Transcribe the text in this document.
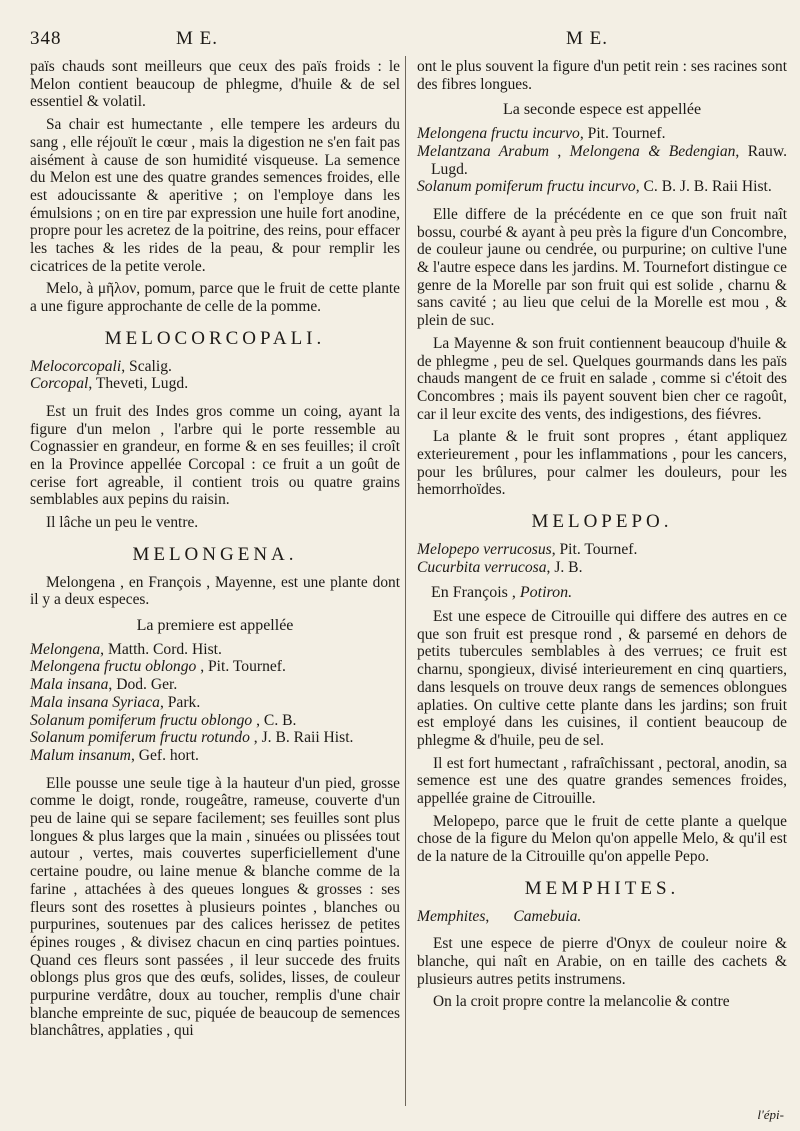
348	M E.	M E.

païs chauds sont meilleurs que ceux des païs froids : le Melon contient beaucoup de phlegme, d'huile & de sel essentiel & volatil.

Sa chair est humectante , elle tempere les ardeurs du sang , elle réjouït le cœur , mais la digestion ne s'en fait pas aisément à cause de son humidité visqueuse. La semence du Melon est une des quatre grandes semences froides, elle est adoucissante & aperitive ; on l'employe dans les émulsions ; on en tire par expression une huile fort anodine, propre pour les acretez de la poitrine, des reins, pour effacer les taches & les rides de la peau, & pour remplir les cicatrices de la petite verole.

Melo, à μῆλον, pomum, parce que le fruit de cette plante a une figure approchante de celle de la pomme.

MELOCORCOPALI.
Melocorcopali, Scalig.
Corcopal, Theveti, Lugd.

Est un fruit des Indes gros comme un coing, ayant la figure d'un melon , l'arbre qui le porte ressemble au Cognassier en grandeur, en forme & en ses feuilles; il croît en la Province appellée Corcopal : ce fruit a un goût de cerise fort agreable, il contient trois ou quatre grains semblables aux pepins du raisin.

Il lâche un peu le ventre.

MELONGENA.

Melongena , en François , Mayenne, est une plante dont il y a deux especes.

La premiere est appellée
Melongena, Matth. Cord. Hist.
Melongena fructu oblongo , Pit. Tournef.
Mala insana, Dod. Ger.
Mala insana Syriaca, Park.
Solanum pomiferum fructu oblongo , C. B.
Solanum pomiferum fructu rotundo , J. B. Raii Hist.
Malum insanum, Gef. hort.

Elle pousse une seule tige à la hauteur d'un pied, grosse comme le doigt, ronde, rougeâtre, rameuse, couverte d'un peu de laine qui se separe facilement; ses feuilles sont plus longues & plus larges que la main , sinuées ou plissées tout autour , vertes, mais couvertes superficiellement d'une certaine poudre, ou laine menue & blanche comme de la farine , attachées à des queues longues & grosses : ses fleurs sont des rosettes à plusieurs pointes , blanches ou purpurines, soutenues par des calices herissez de petites épines rouges , & divisez chacun en cinq parties pointues. Quand ces fleurs sont passées , il leur succede des fruits oblongs plus gros que des œufs, solides, lisses, de couleur purpurine verdâtre, doux au toucher, remplis d'une chair blanche empreinte de suc, piquée de beaucoup de semences blanchâtres, applaties , qui

ont le plus souvent la figure d'un petit rein : ses racines sont des fibres longues.

La seconde espece est appellée
Melongena fructu incurvo, Pit. Tournef.
Melantzana Arabum , Melongena & Bedengian, Rauw. Lugd.
Solanum pomiferum fructu incurvo, C. B. J. B. Raii Hist.

Elle differe de la précédente en ce que son fruit naît bossu, courbé & ayant à peu près la figure d'un Concombre, de couleur jaune ou cendrée, ou purpurine; on cultive l'une & l'autre espece dans les jardins. M. Tournefort distingue ce genre de la Morelle par son fruit qui est solide , charnu & sans cavité ; au lieu que celui de la Morelle est mou , & plein de suc.

La Mayenne & son fruit contiennent beaucoup d'huile & de phlegme , peu de sel. Quelques gourmands dans les païs chauds mangent de ce fruit en salade , comme si c'étoit des Concombres ; mais ils payent souvent bien cher ce ragoût, car il leur excite des vents, des indigestions, des fiévres.

La plante & le fruit sont propres , étant appliquez exterieurement , pour les inflammations , pour les cancers, pour les brûlures, pour calmer les douleurs, pour les hemorrhoïdes.

MELOPEPO.
Melopepo verrucosus, Pit. Tournef.
Cucurbita verrucosa, J. B.
En François , Potiron.

Est une espece de Citrouille qui differe des autres en ce que son fruit est presque rond , & parsemé en dehors de petits tubercules semblables à des verrues; ce fruit est charnu, spongieux, divisé interieurement en cinq quartiers, dans lesquels on trouve deux rangs de semences oblongues aplaties. On cultive cette plante dans les jardins; son fruit est employé dans les cuisines, il contient beaucoup de phlegme & d'huile, peu de sel.

Il est fort humectant , rafraîchissant , pectoral, anodin, sa semence est une des quatre grandes semences froides, appellée graine de Citrouille.

Melopepo, parce que le fruit de cette plante a quelque chose de la figure du Melon qu'on appelle Melo, & qu'il est de la nature de la Citrouille qu'on appelle Pepo.

MEMPHITES.
Memphites, Camebuia.

Est une espece de pierre d'Onyx de couleur noire & blanche, qui naît en Arabie, on en taille des cachets & plusieurs autres petits instrumens.

On la croit propre contre la melancolie & contre

l'épi-
